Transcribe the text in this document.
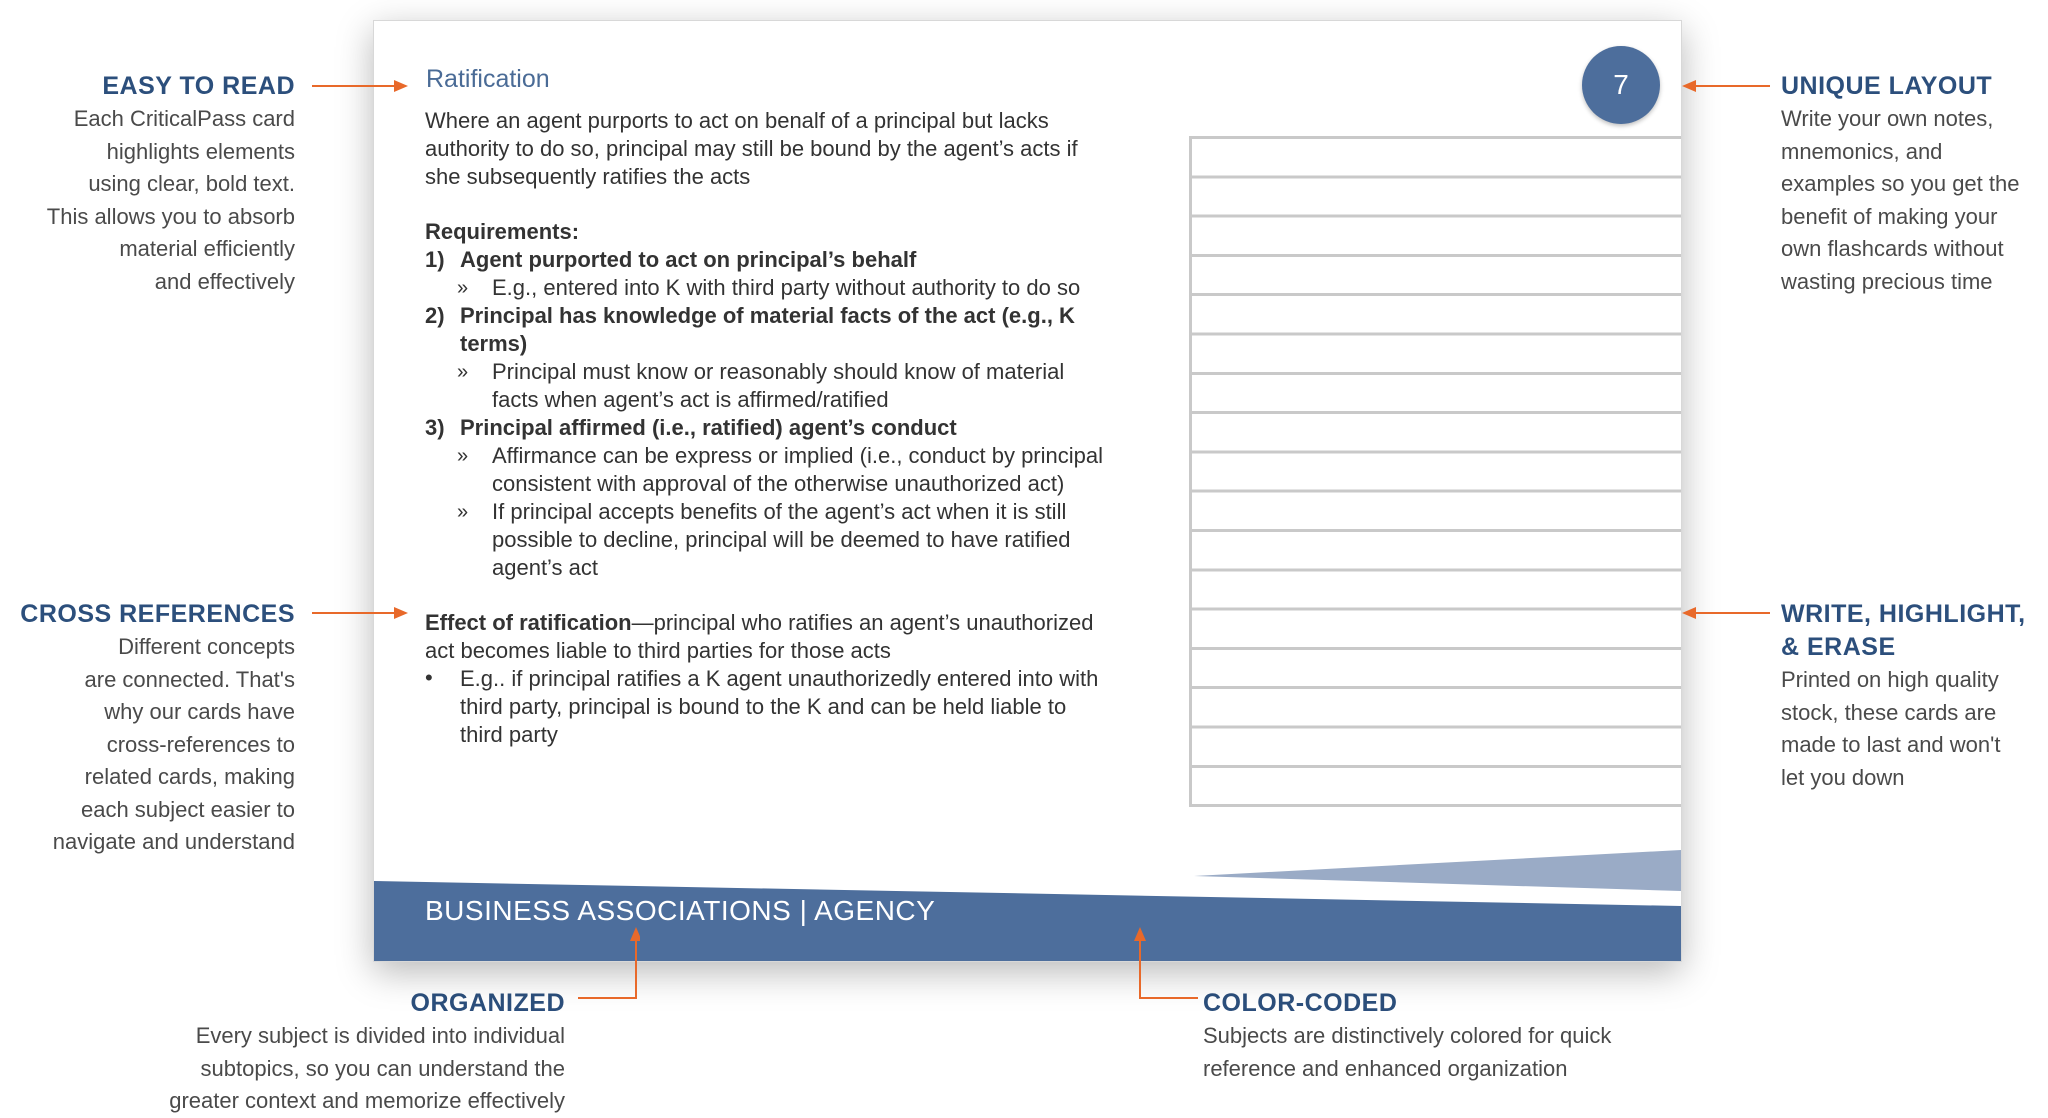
EASY TO READ
Each CriticalPass card
highlights elements
using clear, bold text.
This allows you to absorb
material efficiently
and effectively
CROSS REFERENCES
Different concepts
are connected. That's
why our cards have
cross-references to
related cards, making
each subject easier to
navigate and understand
UNIQUE LAYOUT
Write your own notes,
mnemonics, and
examples so you get the
benefit of making your
own flashcards without
wasting precious time
WRITE, HIGHLIGHT,
& ERASE
Printed on high quality
stock, these cards are
made to last and won't
let you down
ORGANIZED
Every subject is divided into individual
subtopics, so you can understand the
greater context and memorize effectively
COLOR-CODED
Subjects are distinctively colored for quick
reference and enhanced organization
Ratification	7

Where an agent purports to act on benalf of a principal but lacks

authority to do so, principal may still be bound by the agent’s acts if

she subsequently ratifies the acts

Requirements:

1) Agent purported to act on principal’s behalf
» E.g., entered into K with third party without authority to do so
2) Principal has knowledge of material facts of the act (e.g., K
terms)
» Principal must know or reasonably should know of material
facts when agent’s act is affirmed/ratified
3) Principal affirmed (i.e., ratified) agent’s conduct
» Affirmance can be express or implied (i.e., conduct by principal
consistent with approval of the otherwise unauthorized act)
» If principal accepts benefits of the agent’s act when it is still
possible to decline, principal will be deemed to have ratified
agent’s act

Effect of ratification—principal who ratifies an agent’s unauthorized

act becomes liable to third parties for those acts

• E.g.. if principal ratifies a K agent unauthorizedly entered into with
third party, principal is bound to the K and can be held liable to
third party
BUSINESS ASSOCIATIONS | AGENCY
